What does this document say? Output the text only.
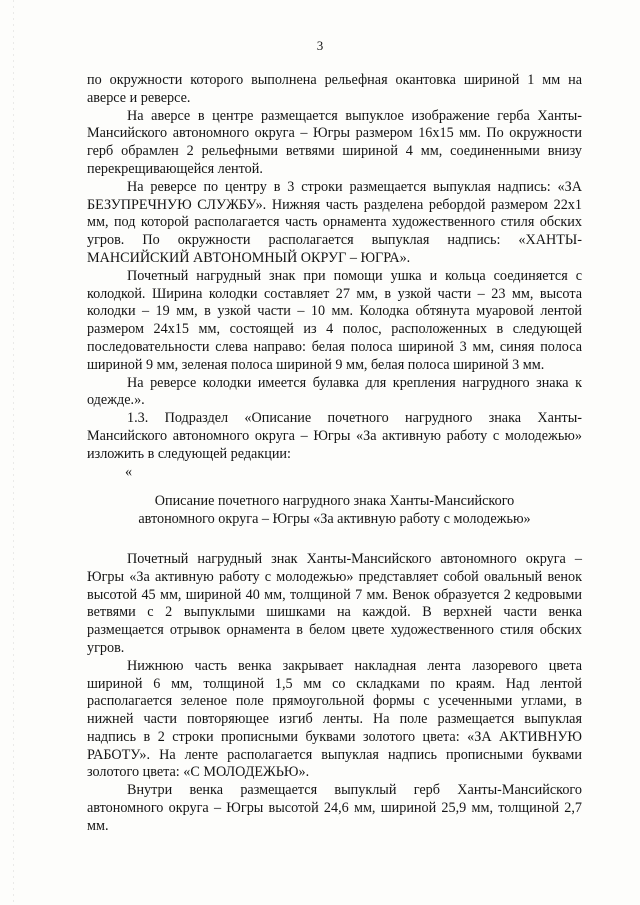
3

по окружности которого выполнена рельефная окантовка шириной 1 мм на аверсе и реверсе.

На аверсе в центре размещается выпуклое изображение герба Ханты-Мансийского автономного округа – Югры размером 16х15 мм. По окружности герб обрамлен 2 рельефными ветвями шириной 4 мм, соединенными внизу перекрещивающейся лентой.

На реверсе по центру в 3 строки размещается выпуклая надпись: «ЗА БЕЗУПРЕЧНУЮ СЛУЖБУ». Нижняя часть разделена ребордой размером 22х1 мм, под которой располагается часть орнамента художественного стиля обских угров. По окружности располагается выпуклая надпись: «ХАНТЫ-МАНСИЙСКИЙ АВТОНОМНЫЙ ОКРУГ – ЮГРА».

Почетный нагрудный знак при помощи ушка и кольца соединяется с колодкой. Ширина колодки составляет 27 мм, в узкой части – 23 мм, высота колодки – 19 мм, в узкой части – 10 мм. Колодка обтянута муаровой лентой размером 24х15 мм, состоящей из 4 полос, расположенных в следующей последовательности слева направо: белая полоса шириной 3 мм, синяя полоса шириной 9 мм, зеленая полоса шириной 9 мм, белая полоса шириной 3 мм.

На реверсе колодки имеется булавка для крепления нагрудного знака к одежде.».

1.3. Подраздел «Описание почетного нагрудного знака Ханты-Мансийского автономного округа – Югры «За активную работу с молодежью» изложить в следующей редакции:

«

Описание почетного нагрудного знака Ханты-Мансийского
автономного округа – Югры «За активную работу с молодежью»

Почетный нагрудный знак Ханты-Мансийского автономного округа – Югры «За активную работу с молодежью» представляет собой овальный венок высотой 45 мм, шириной 40 мм, толщиной 7 мм. Венок образуется 2 кедровыми ветвями с 2 выпуклыми шишками на каждой. В верхней части венка размещается отрывок орнамента в белом цвете художественного стиля обских угров.

Нижнюю часть венка закрывает накладная лента лазоревого цвета шириной 6 мм, толщиной 1,5 мм со складками по краям. Над лентой располагается зеленое поле прямоугольной формы с усеченными углами, в нижней части повторяющее изгиб ленты. На поле размещается выпуклая надпись в 2 строки прописными буквами золотого цвета: «ЗА АКТИВНУЮ РАБОТУ». На ленте располагается выпуклая надпись прописными буквами золотого цвета: «С МОЛОДЕЖЬЮ».

Внутри венка размещается выпуклый герб Ханты-Мансийского автономного округа – Югры высотой 24,6 мм, шириной 25,9 мм, толщиной 2,7 мм.
